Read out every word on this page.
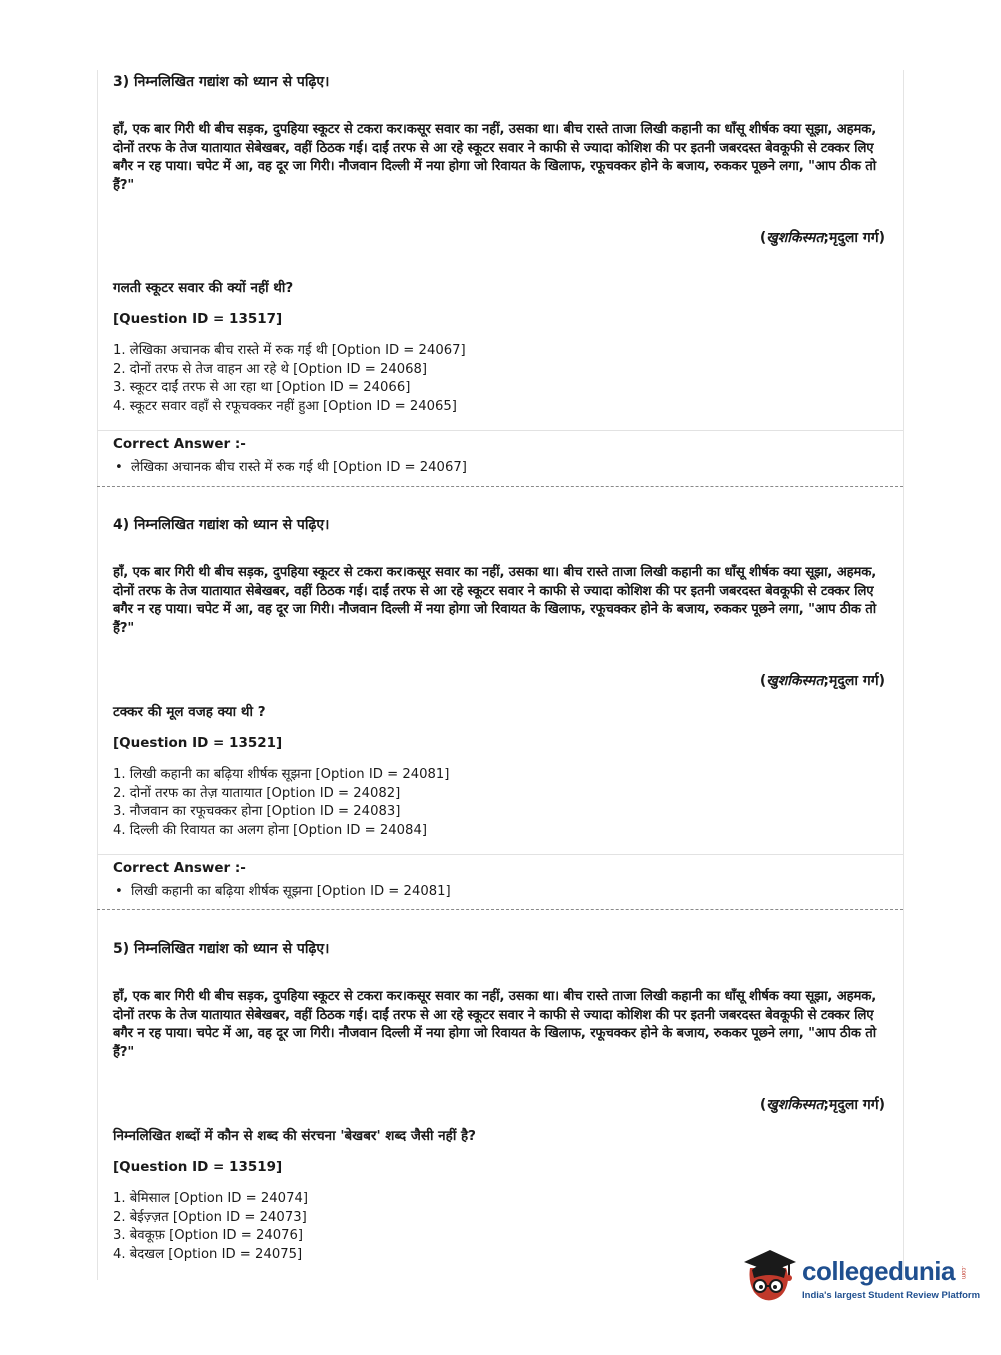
3) निम्नलिखित गद्यांश को ध्यान से पढ़िए।
हाँ, एक बार गिरी थी बीच सड़क, दुपहिया स्कूटर से टकरा कर।कसूर सवार का नहीं, उसका था। बीच रास्ते ताजा लिखी कहानी का धाँसू शीर्षक क्या सूझा, अहमक, दोनों तरफ के तेज यातायात सेबेखबर, वहीं ठिठक गई। दाईं तरफ से आ रहे स्कूटर सवार ने काफी से ज्यादा कोशिश की पर इतनी जबरदस्त बेवकूफी से टक्कर लिए बगैर न रह पाया। चपेट में आ, वह दूर जा गिरी। नौजवान दिल्ली में नया होगा जो रिवायत के खिलाफ, रफूचक्कर होने के बजाय, रुककर पूछने लगा, "आप ठीक तो हैं?"
(खुशकिस्मत;मृदुला गर्ग)
गलती स्कूटर सवार की क्यों नहीं थी?
[Question ID = 13517]
1. लेखिका अचानक बीच रास्ते में रुक गई थी [Option ID = 24067]
2. दोनों तरफ से तेज वाहन आ रहे थे [Option ID = 24068]
3. स्कूटर दाईं तरफ से आ रहा था [Option ID = 24066]
4. स्कूटर सवार वहाँ से रफूचक्कर नहीं हुआ [Option ID = 24065]
Correct Answer :-
• लेखिका अचानक बीच रास्ते में रुक गई थी [Option ID = 24067]
4) निम्नलिखित गद्यांश को ध्यान से पढ़िए।
हाँ, एक बार गिरी थी बीच सड़क, दुपहिया स्कूटर से टकरा कर।कसूर सवार का नहीं, उसका था। बीच रास्ते ताजा लिखी कहानी का धाँसू शीर्षक क्या सूझा, अहमक, दोनों तरफ के तेज यातायात सेबेखबर, वहीं ठिठक गई। दाईं तरफ से आ रहे स्कूटर सवार ने काफी से ज्यादा कोशिश की पर इतनी जबरदस्त बेवकूफी से टक्कर लिए बगैर न रह पाया। चपेट में आ, वह दूर जा गिरी। नौजवान दिल्ली में नया होगा जो रिवायत के खिलाफ, रफूचक्कर होने के बजाय, रुककर पूछने लगा, "आप ठीक तो हैं?"
(खुशकिस्मत;मृदुला गर्ग)
टक्कर की मूल वजह क्या थी ?
[Question ID = 13521]
1. लिखी कहानी का बढ़िया शीर्षक सूझना [Option ID = 24081]
2. दोनों तरफ का तेज़ यातायात [Option ID = 24082]
3. नौजवान का रफूचक्कर होना [Option ID = 24083]
4. दिल्ली की रिवायत का अलग होना [Option ID = 24084]
Correct Answer :-
• लिखी कहानी का बढ़िया शीर्षक सूझना [Option ID = 24081]
5) निम्नलिखित गद्यांश को ध्यान से पढ़िए।
हाँ, एक बार गिरी थी बीच सड़क, दुपहिया स्कूटर से टकरा कर।कसूर सवार का नहीं, उसका था। बीच रास्ते ताजा लिखी कहानी का धाँसू शीर्षक क्या सूझा, अहमक, दोनों तरफ के तेज यातायात सेबेखबर, वहीं ठिठक गई। दाईं तरफ से आ रहे स्कूटर सवार ने काफी से ज्यादा कोशिश की पर इतनी जबरदस्त बेवकूफी से टक्कर लिए बगैर न रह पाया। चपेट में आ, वह दूर जा गिरी। नौजवान दिल्ली में नया होगा जो रिवायत के खिलाफ, रफूचक्कर होने के बजाय, रुककर पूछने लगा, "आप ठीक तो हैं?"
(खुशकिस्मत;मृदुला गर्ग)
निम्नलिखित शब्दों में कौन से शब्द की संरचना 'बेखबर' शब्द जैसी नहीं है?
[Question ID = 13519]
1. बेमिसाल [Option ID = 24074]
2. बेईज़्ज़त [Option ID = 24073]
3. बेवकूफ़ [Option ID = 24076]
4. बेदखल [Option ID = 24075]
collegedunia .com
India's largest Student Review Platform
